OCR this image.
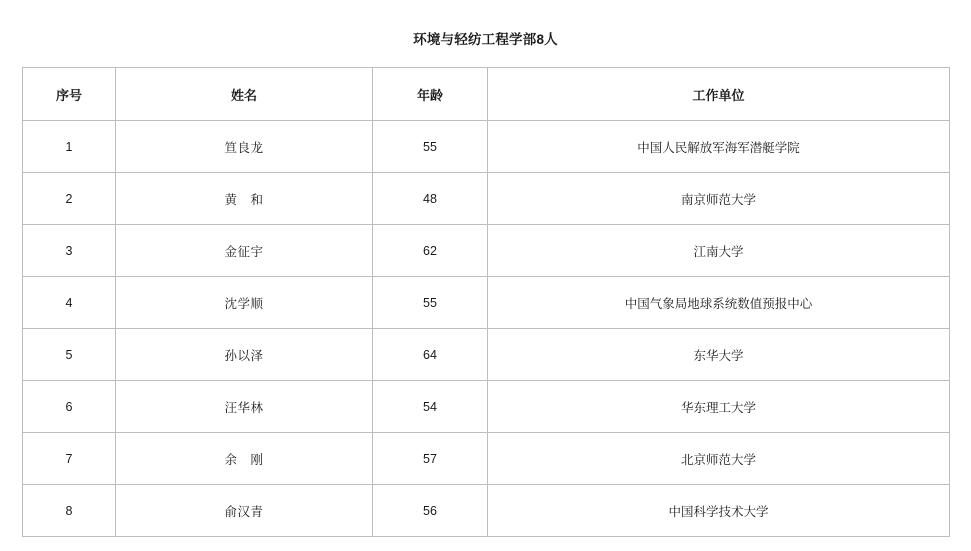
环境与轻纺工程学部8人
序号	姓名	年龄	工作单位
1	笪良龙	55	中国人民解放军海军潜艇学院
2	黄　和	48	南京师范大学
3	金征宇	62	江南大学
4	沈学顺	55	中国气象局地球系统数值预报中心
5	孙以泽	64	东华大学
6	汪华林	54	华东理工大学
7	余　刚	57	北京师范大学
8	俞汉青	56	中国科学技术大学
